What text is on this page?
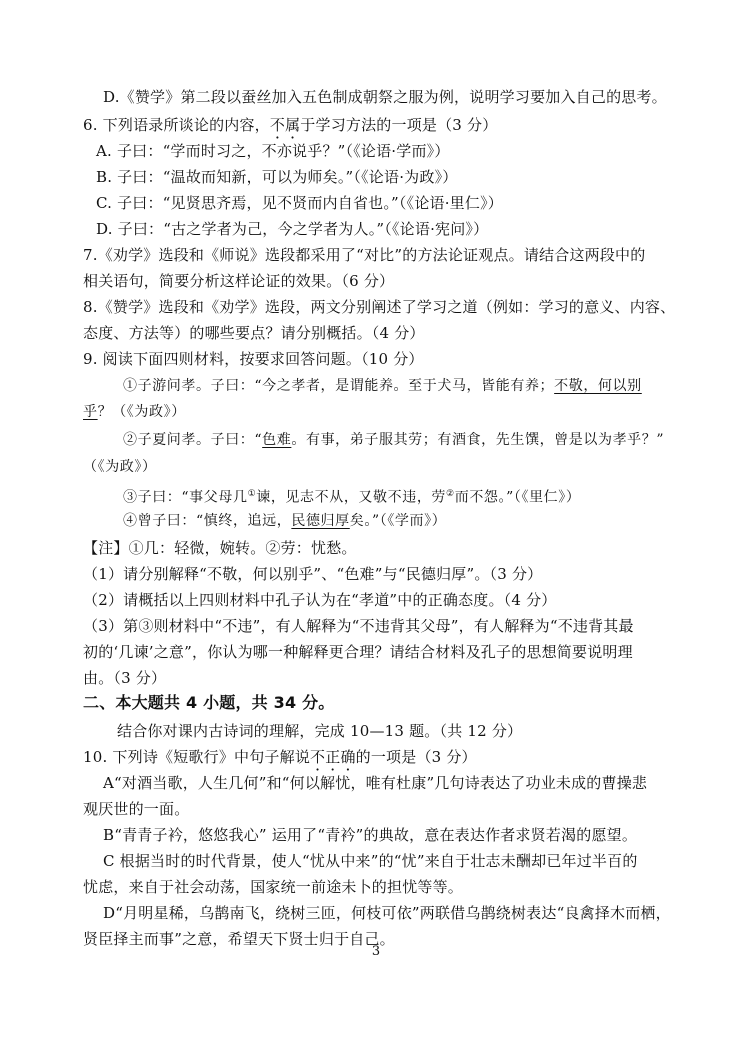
D.《赞学》第二段以蚕丝加入五色制成朝祭之服为例，说明学习要加入自己的思考。
6. 下列语录所谈论的内容，不属于学习方法的一项是（3 分）
A. 子曰：“学而时习之，不亦说乎？”（《论语·学而》）
B. 子曰：“温故而知新，可以为师矣。”（《论语·为政》）
C. 子曰：“见贤思齐焉，见不贤而内自省也。”（《论语·里仁》）
D. 子曰：“古之学者为己，今之学者为人。”（《论语·宪问》）
7.《劝学》选段和《师说》选段都采用了“对比”的方法论证观点。请结合这两段中的
相关语句，简要分析这样论证的效果。（6 分）
8.《赞学》选段和《劝学》选段，两文分别阐述了学习之道（例如：学习的意义、内容、
态度、方法等）的哪些要点？请分别概括。（4 分）
9. 阅读下面四则材料，按要求回答问题。（10 分）
①子游问孝。子曰：“今之孝者，是谓能养。至于犬马，皆能有养；不敬，何以别
乎？（《为政》）
②子夏问孝。子曰：“色难。有事，弟子服其劳；有酒食，先生馔，曾是以为孝乎？”
（《为政》）
③子曰：“事父母几①谏，见志不从，又敬不违，劳②而不怨。”（《里仁》）
④曾子曰：“慎终，追远，民德归厚矣。”（《学而》）
【注】①几：轻微，婉转。②劳：忧愁。
（1）请分别解释“不敬，何以别乎”、“色难”与“民德归厚”。（3 分）
（2）请概括以上四则材料中孔子认为在“孝道”中的正确态度。（4 分）
（3）第③则材料中“不违”，有人解释为“不违背其父母”，有人解释为“不违背其最
初的‘几谏’之意”，你认为哪一种解释更合理？请结合材料及孔子的思想简要说明理
由。（3 分）
二、本大题共 4 小题，共 34 分。
结合你对课内古诗词的理解，完成 10—13 题。（共 12 分）
10. 下列诗《短歌行》中句子解说不正确的一项是（3 分）
A“对酒当歌，人生几何”和“何以解忧，唯有杜康”几句诗表达了功业未成的曹操悲
观厌世的一面。
B“青青子衿，悠悠我心” 运用了“青衿”的典故，意在表达作者求贤若渴的愿望。
C 根据当时的时代背景，使人“忧从中来”的“忧”来自于壮志未酬却已年过半百的
忧虑，来自于社会动荡，国家统一前途未卜的担忧等等。
D“月明星稀，乌鹊南飞，绕树三匝，何枝可依”两联借乌鹊绕树表达“良禽择木而栖，
贤臣择主而事”之意，希望天下贤士归于自己。
3
